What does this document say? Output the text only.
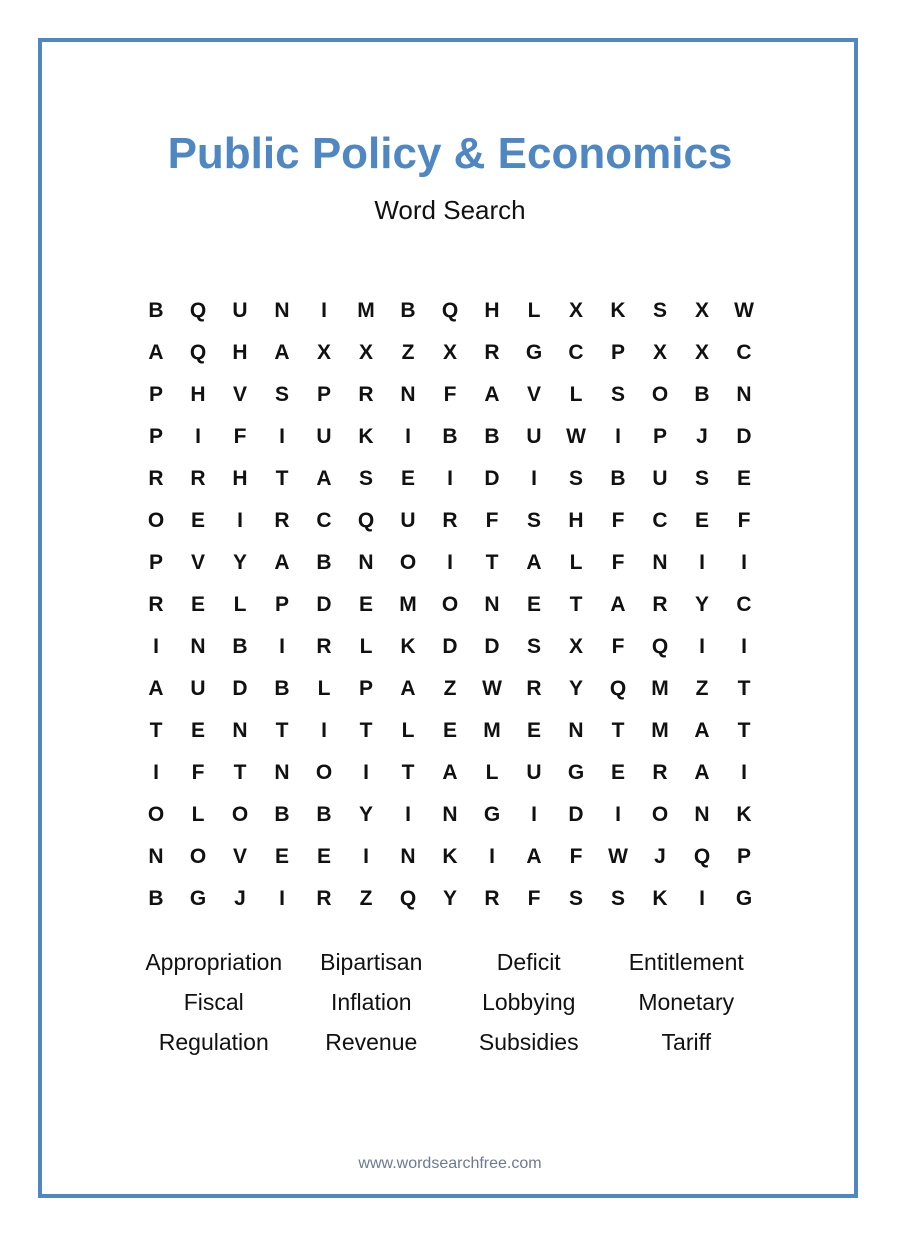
Public Policy & Economics
Word Search
B	Q	U	N	I	M	B	Q	H	L	X	K	S	X	W
A	Q	H	A	X	X	Z	X	R	G	C	P	X	X	C
P	H	V	S	P	R	N	F	A	V	L	S	O	B	N
P	I	F	I	U	K	I	B	B	U	W	I	P	J	D
R	R	H	T	A	S	E	I	D	I	S	B	U	S	E
O	E	I	R	C	Q	U	R	F	S	H	F	C	E	F
P	V	Y	A	B	N	O	I	T	A	L	F	N	I	I
R	E	L	P	D	E	M	O	N	E	T	A	R	Y	C
I	N	B	I	R	L	K	D	D	S	X	F	Q	I	I
A	U	D	B	L	P	A	Z	W	R	Y	Q	M	Z	T
T	E	N	T	I	T	L	E	M	E	N	T	M	A	T
I	F	T	N	O	I	T	A	L	U	G	E	R	A	I
O	L	O	B	B	Y	I	N	G	I	D	I	O	N	K
N	O	V	E	E	I	N	K	I	A	F	W	J	Q	P
B	G	J	I	R	Z	Q	Y	R	F	S	S	K	I	G
Appropriation	Bipartisan	Deficit	Entitlement
Fiscal	Inflation	Lobbying	Monetary
Regulation	Revenue	Subsidies	Tariff
www.wordsearchfree.com
